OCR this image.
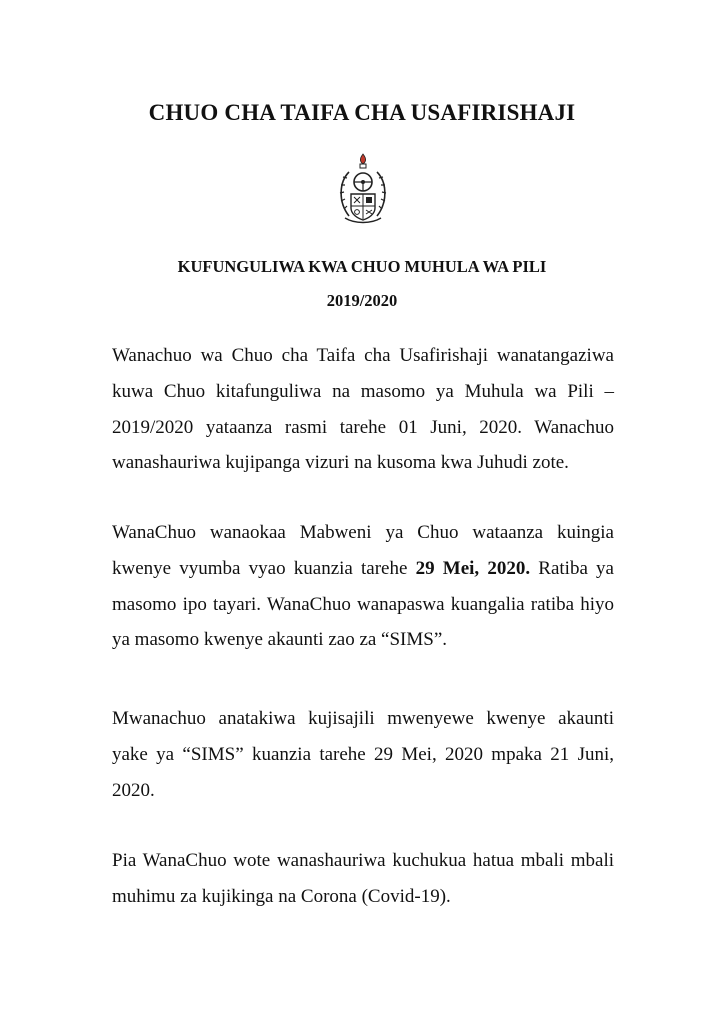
CHUO CHA TAIFA CHA USAFIRISHAJI
KUFUNGULIWA KWA CHUO MUHULA WA PILI
2019/2020

Wanachuo wa Chuo cha Taifa cha Usafirishaji wanatangaziwa kuwa Chuo kitafunguliwa na masomo ya Muhula wa Pili – 2019/2020 yataanza rasmi tarehe 01 Juni, 2020. Wanachuo wanashauriwa kujipanga vizuri na kusoma kwa Juhudi zote.

WanaChuo wanaokaa Mabweni ya Chuo wataanza kuingia kwenye vyumba vyao kuanzia tarehe 29 Mei, 2020. Ratiba ya masomo ipo tayari. WanaChuo wanapaswa kuangalia ratiba hiyo ya masomo kwenye akaunti zao za “SIMS”.

Mwanachuo anatakiwa kujisajili mwenyewe kwenye akaunti yake ya “SIMS” kuanzia tarehe 29 Mei, 2020 mpaka 21 Juni, 2020.

Pia WanaChuo wote wanashauriwa kuchukua hatua mbali mbali muhimu za kujikinga na Corona (Covid-19).
